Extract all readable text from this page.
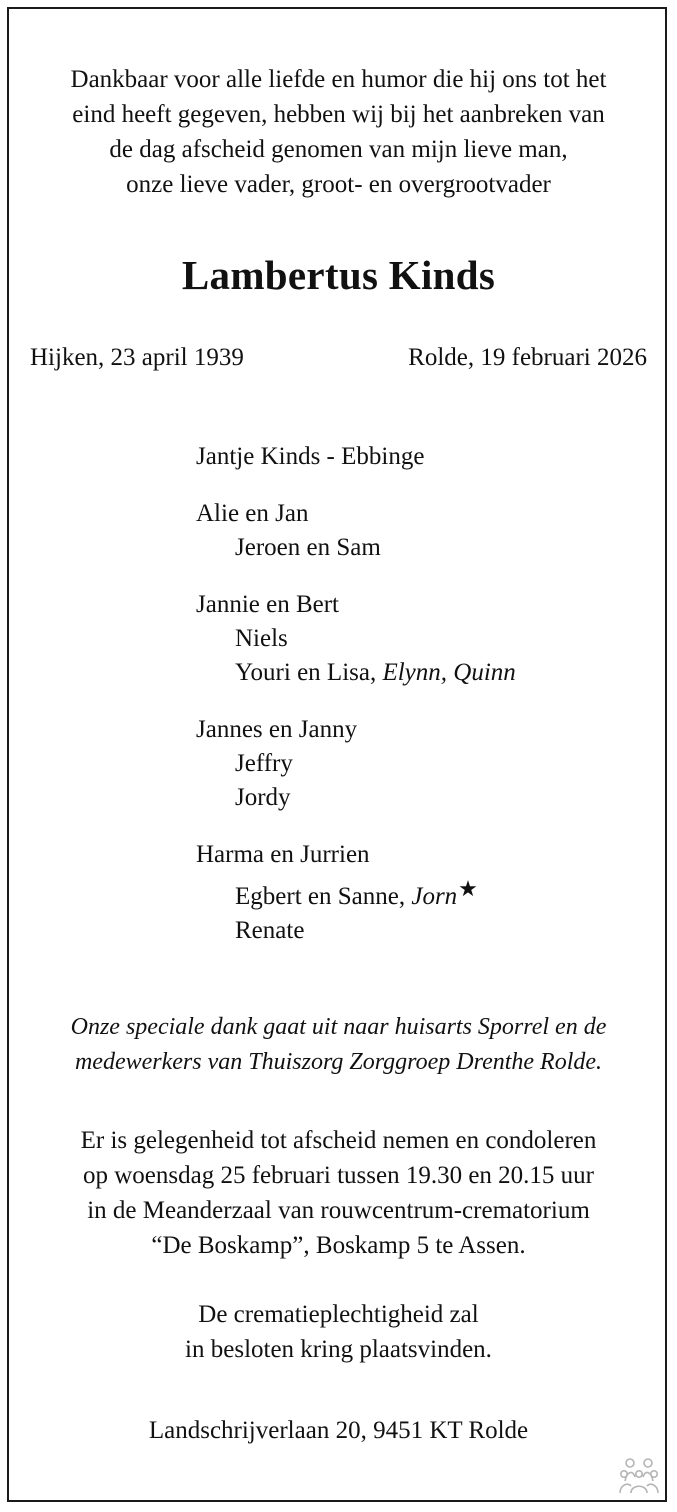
Dankbaar voor alle liefde en humor die hij ons tot het
eind heeft gegeven, hebben wij bij het aanbreken van
de dag afscheid genomen van mijn lieve man,
onze lieve vader, groot- en overgrootvader
Lambertus Kinds
Hijken, 23 april 1939	Rolde, 19 februari 2026
Jantje Kinds - Ebbinge
Alie en Jan
Jeroen en Sam
Jannie en Bert
Niels
Youri en Lisa, Elynn, Quinn
Jannes en Janny
Jeffry
Jordy
Harma en Jurrien
Egbert en Sanne, Jorn★
Renate
Onze speciale dank gaat uit naar huisarts Sporrel en de
medewerkers van Thuiszorg Zorggroep Drenthe Rolde.
Er is gelegenheid tot afscheid nemen en condoleren
op woensdag 25 februari tussen 19.30 en 20.15 uur
in de Meanderzaal van rouwcentrum-crematorium
“De Boskamp”, Boskamp 5 te Assen.
De crematieplechtigheid zal
in besloten kring plaatsvinden.
Landschrijverlaan 20, 9451 KT Rolde
